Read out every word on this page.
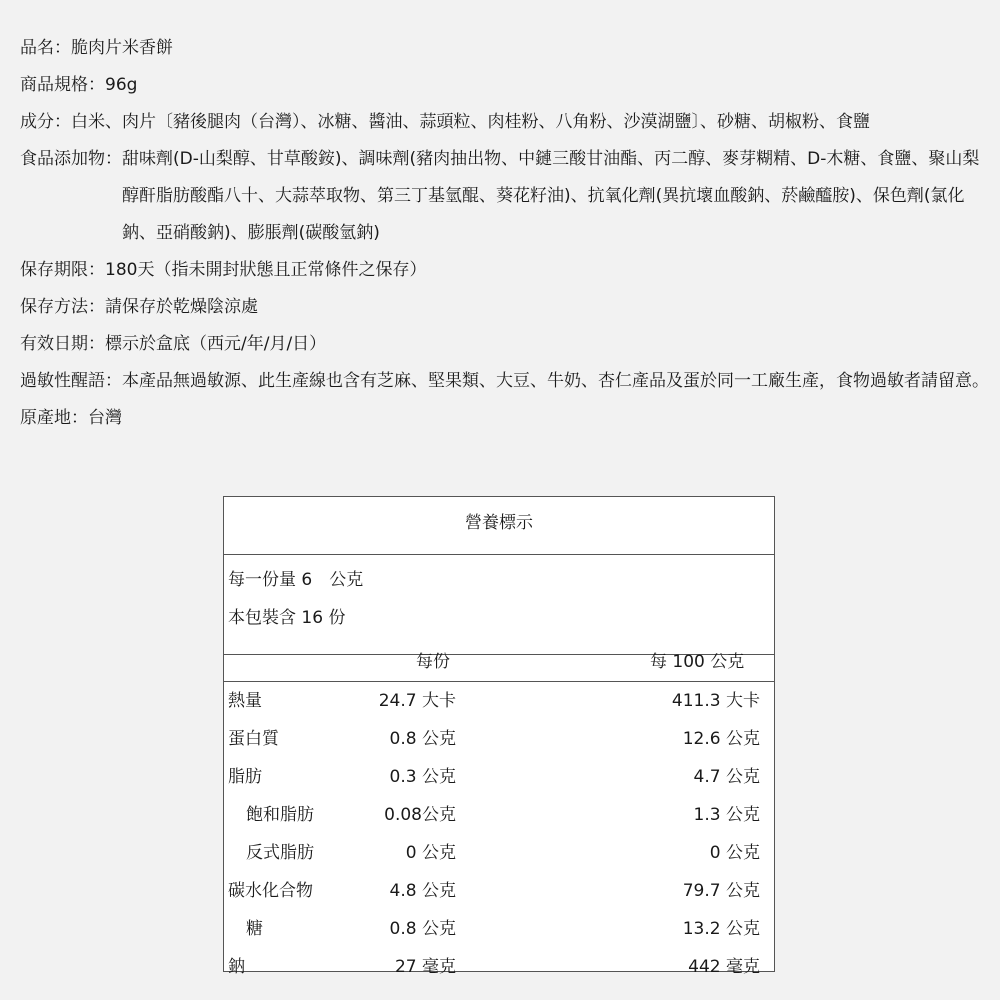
品名： 脆肉片米香餅
商品規格： 96g
成分： 白米、肉片〔豬後腿肉（台灣）、冰糖、醬油、蒜頭粒、肉桂粉、八角粉、沙漠湖鹽〕、砂糖、胡椒粉、食鹽
食品添加物： 甜味劑(D-山梨醇、甘草酸銨)、調味劑(豬肉抽出物、中鏈三酸甘油酯、丙二醇、麥芽糊精、D-木糖、食鹽、聚山梨醇酐脂肪酸酯八十、大蒜萃取物、第三丁基氫醌、葵花籽油)、抗氧化劑(異抗壞血酸鈉、菸鹼醯胺)、保色劑(氯化鈉、亞硝酸鈉)、膨脹劑(碳酸氫鈉)
保存期限： 180天（指未開封狀態且正常條件之保存）
保存方法： 請保存於乾燥陰涼處
有效日期： 標示於盒底（西元/年/月/日）
過敏性醒語： 本產品無過敏源、此生產線也含有芝麻、堅果類、大豆、牛奶、杏仁產品及蛋於同一工廠生產，食物過敏者請留意。
原產地： 台灣
營養標示
每一份量 6　公克
本包裝含 16 份
每份	每 100 公克
熱量	24.7 大卡	411.3 大卡
蛋白質	0.8 公克	12.6 公克
脂肪	0.3 公克	4.7 公克
飽和脂肪	0.08公克	1.3 公克
反式脂肪	0 公克	0 公克
碳水化合物	4.8 公克	79.7 公克
糖	0.8 公克	13.2 公克
鈉	27 毫克	442 毫克
